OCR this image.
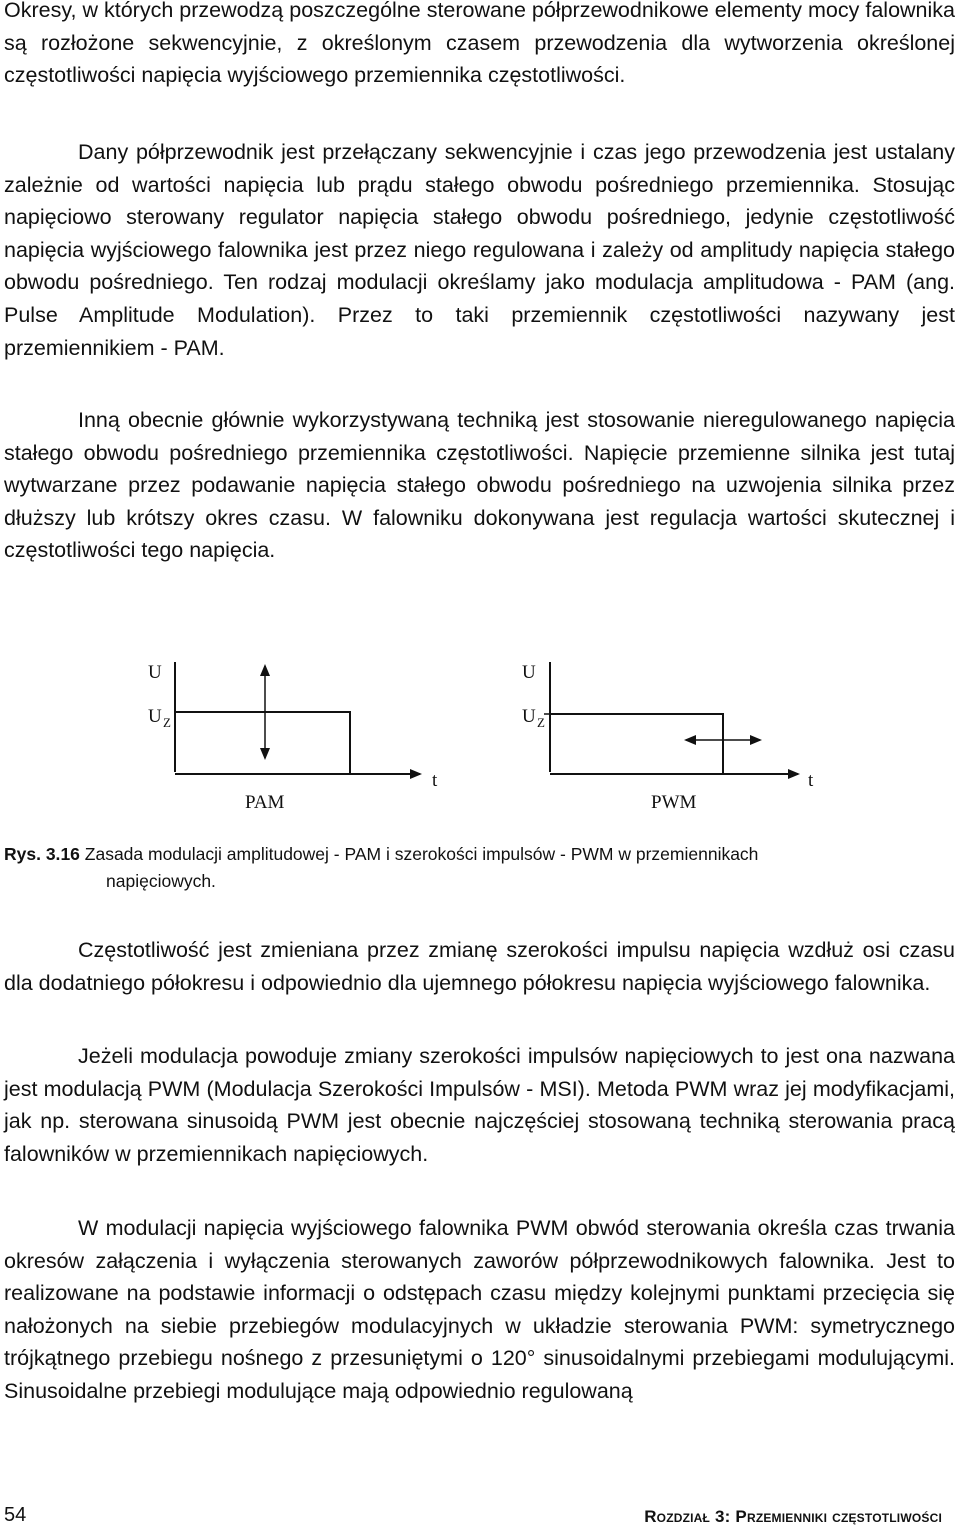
Okresy, w których przewodzą poszczególne sterowane półprzewodnikowe elementy mocy falownika są rozłożone sekwencyjnie, z określonym czasem przewodzenia dla wytworzenia określonej częstotliwości napięcia wyjściowego przemiennika częstotliwości.

Dany półprzewodnik jest przełączany sekwencyjnie i czas jego przewodzenia jest ustalany zależnie od wartości napięcia lub prądu stałego obwodu pośredniego przemiennika. Stosując napięciowo sterowany regulator napięcia stałego obwodu pośredniego, jedynie częstotliwość napięcia wyjściowego falownika jest przez niego regulowana i zależy od amplitudy napięcia stałego obwodu pośredniego. Ten rodzaj modulacji określamy jako modulacja amplitudowa - PAM (ang. Pulse Amplitude Modulation). Przez to taki przemiennik częstotliwości nazywany jest przemiennikiem - PAM.

Inną obecnie głównie wykorzystywaną techniką jest stosowanie nieregulowanego napięcia stałego obwodu pośredniego przemiennika częstotliwości. Napięcie przemienne silnika jest tutaj wytwarzane przez podawanie napięcia stałego obwodu pośredniego na uzwojenia silnika przez dłuższy lub krótszy okres czasu. W falowniku dokonywana jest regulacja wartości skutecznej i częstotliwości tego napięcia.

U
U Z
t
PAM
U
U Z
t
PWM
Rys. 3.16 Zasada modulacji amplitudowej - PAM i szerokości impulsów - PWM w przemiennikach
napięciowych.

Częstotliwość jest zmieniana przez zmianę szerokości impulsu napięcia wzdłuż osi czasu dla dodatniego półokresu i odpowiednio dla ujemnego półokresu napięcia wyjściowego falownika.

Jeżeli modulacja powoduje zmiany szerokości impulsów napięciowych to jest ona nazwana jest modulacją PWM (Modulacja Szerokości Impulsów - MSI). Metoda PWM wraz jej modyfikacjami, jak np. sterowana sinusoidą PWM jest obecnie najczęściej stosowaną techniką sterowania pracą falowników w przemiennikach napięciowych.

W modulacji napięcia wyjściowego falownika PWM obwód sterowania określa czas trwania okresów załączenia i wyłączenia sterowanych zaworów półprzewodnikowych falownika. Jest to realizowane na podstawie informacji o odstępach czasu między kolejnymi punktami przecięcia się nałożonych na siebie przebiegów modulacyjnych w układzie sterowania PWM: symetrycznego trójkątnego przebiegu nośnego z przesuniętymi o 120° sinusoidalnymi przebiegami modulującymi. Sinusoidalne przebiegi modulujące mają odpowiednio regulowaną

54	Rozdział 3: Przemienniki częstotliwości
